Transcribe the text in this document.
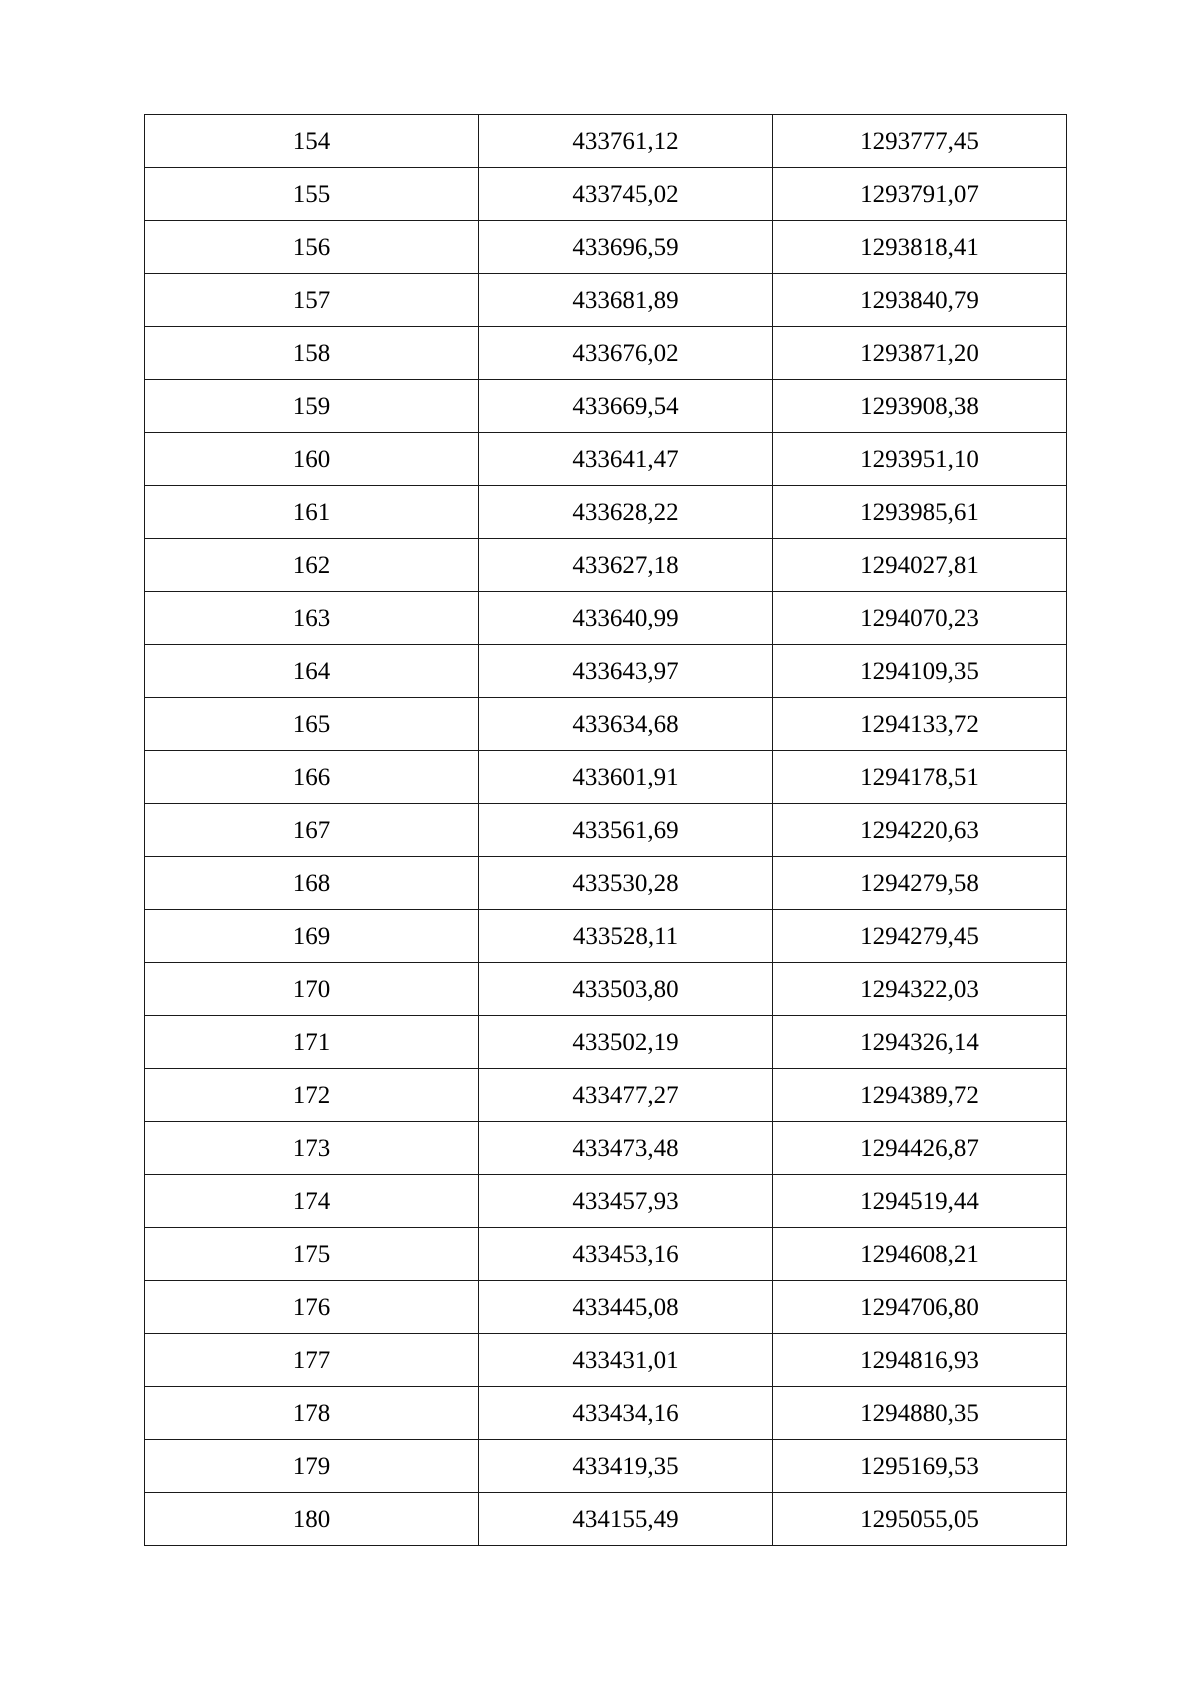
154	433761,12	1293777,45
155	433745,02	1293791,07
156	433696,59	1293818,41
157	433681,89	1293840,79
158	433676,02	1293871,20
159	433669,54	1293908,38
160	433641,47	1293951,10
161	433628,22	1293985,61
162	433627,18	1294027,81
163	433640,99	1294070,23
164	433643,97	1294109,35
165	433634,68	1294133,72
166	433601,91	1294178,51
167	433561,69	1294220,63
168	433530,28	1294279,58
169	433528,11	1294279,45
170	433503,80	1294322,03
171	433502,19	1294326,14
172	433477,27	1294389,72
173	433473,48	1294426,87
174	433457,93	1294519,44
175	433453,16	1294608,21
176	433445,08	1294706,80
177	433431,01	1294816,93
178	433434,16	1294880,35
179	433419,35	1295169,53
180	434155,49	1295055,05
